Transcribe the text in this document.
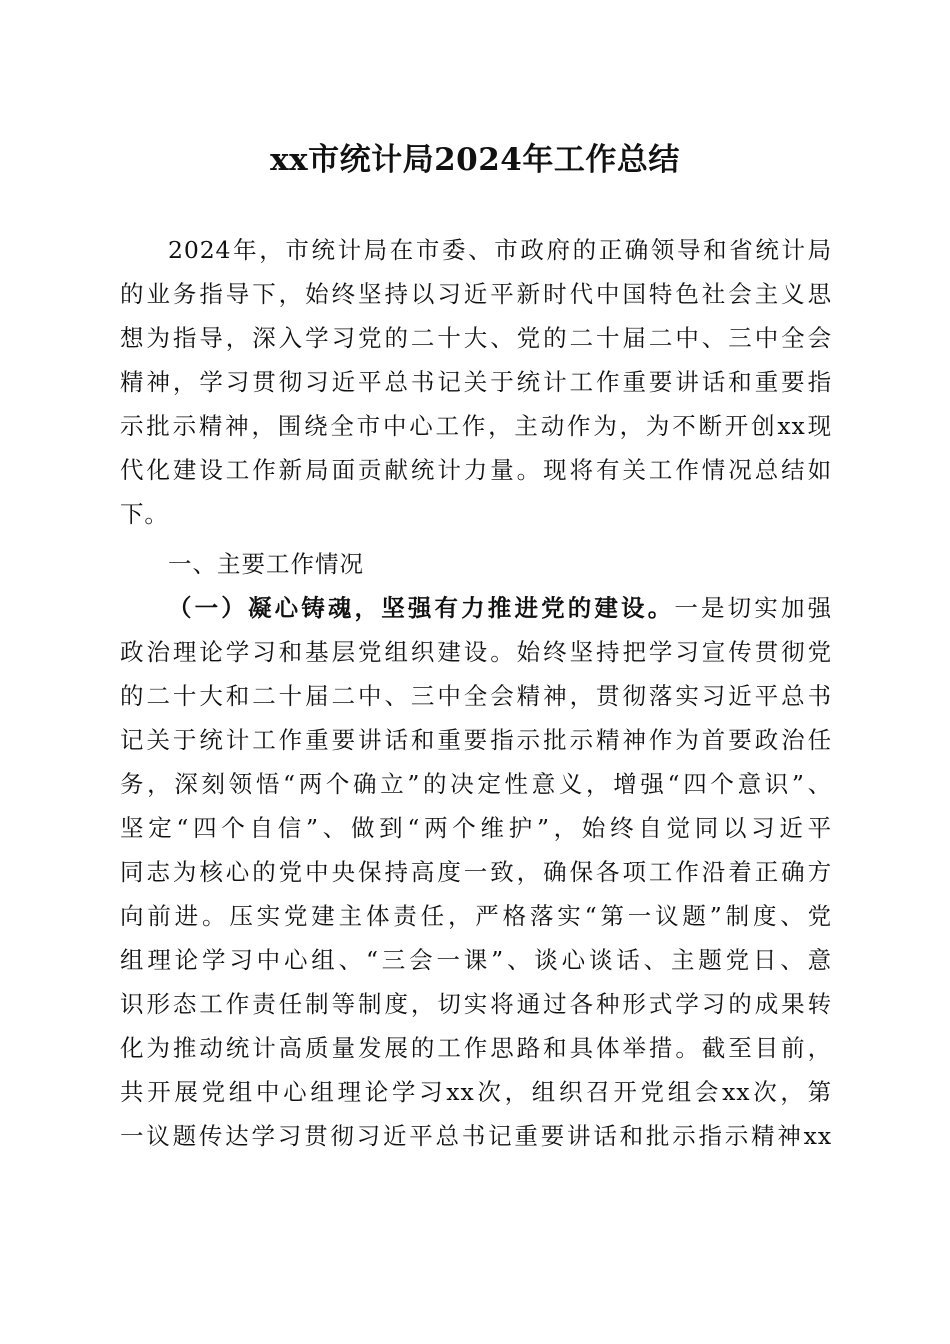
xx市统计局2024年工作总结
2024年，市统计局在市委、市政府的正确领导和省统计局
的业务指导下，始终坚持以习近平新时代中国特色社会主义思
想为指导，深入学习党的二十大、党的二十届二中、三中全会
精神，学习贯彻习近平总书记关于统计工作重要讲话和重要指
示批示精神，围绕全市中心工作，主动作为，为不断开创xx现
代化建设工作新局面贡献统计力量。现将有关工作情况总结如
下。
一、主要工作情况
（一）凝心铸魂，坚强有力推进党的建设。一是切实加强
政治理论学习和基层党组织建设。始终坚持把学习宣传贯彻党
的二十大和二十届二中、三中全会精神，贯彻落实习近平总书
记关于统计工作重要讲话和重要指示批示精神作为首要政治任
务，深刻领悟“两个确立”的决定性意义，增强“四个意识”、
坚定“四个自信”、做到“两个维护”，始终自觉同以习近平
同志为核心的党中央保持高度一致，确保各项工作沿着正确方
向前进。压实党建主体责任，严格落实“第一议题”制度、党
组理论学习中心组、“三会一课”、谈心谈话、主题党日、意
识形态工作责任制等制度，切实将通过各种形式学习的成果转
化为推动统计高质量发展的工作思路和具体举措。截至目前，
共开展党组中心组理论学习xx次，组织召开党组会xx次，第
一议题传达学习贯彻习近平总书记重要讲话和批示指示精神xx
